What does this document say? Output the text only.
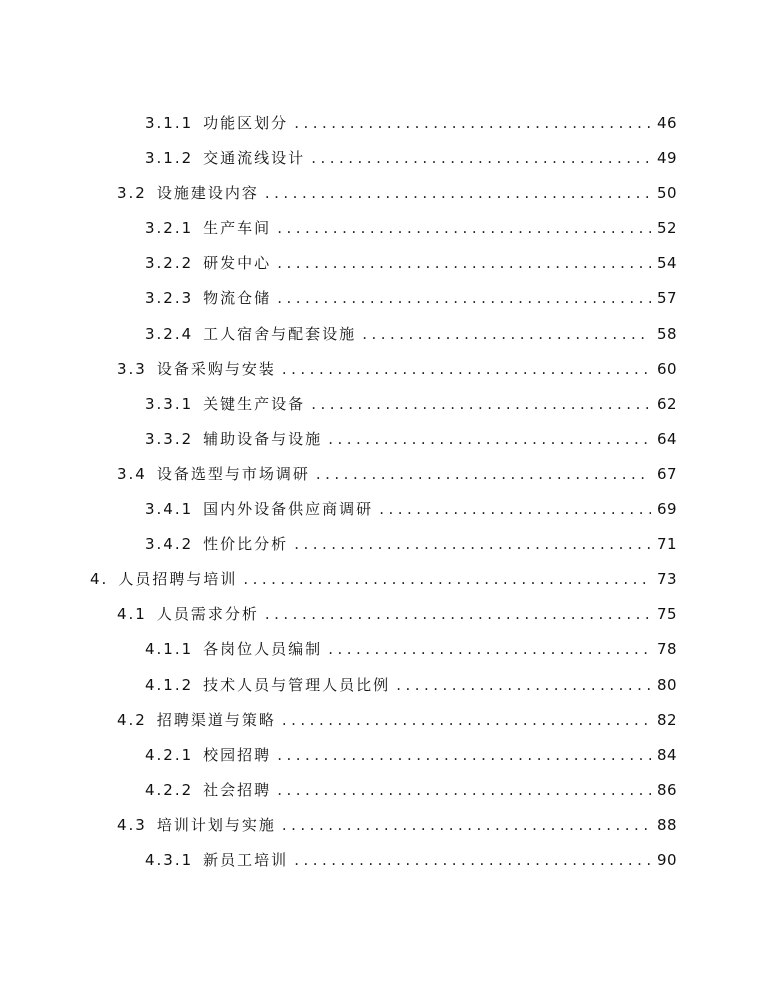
3.1.1 功能区划分 .....	46
3.1.2 交通流线设计 .....	49
3.2 设施建设内容 .....	50
3.2.1 生产车间 .....	52
3.2.2 研发中心 .....	54
3.2.3 物流仓储 .....	57
3.2.4 工人宿舍与配套设施 .....	58
3.3 设备采购与安装 .....	60
3.3.1 关键生产设备 .....	62
3.3.2 辅助设备与设施 .....	64
3.4 设备选型与市场调研 .....	67
3.4.1 国内外设备供应商调研 .....	69
3.4.2 性价比分析 .....	71
4. 人员招聘与培训 .....	73
4.1 人员需求分析 .....	75
4.1.1 各岗位人员编制 .....	78
4.1.2 技术人员与管理人员比例 .....	80
4.2 招聘渠道与策略 .....	82
4.2.1 校园招聘 .....	84
4.2.2 社会招聘 .....	86
4.3 培训计划与实施 .....	88
4.3.1 新员工培训 .....	90
